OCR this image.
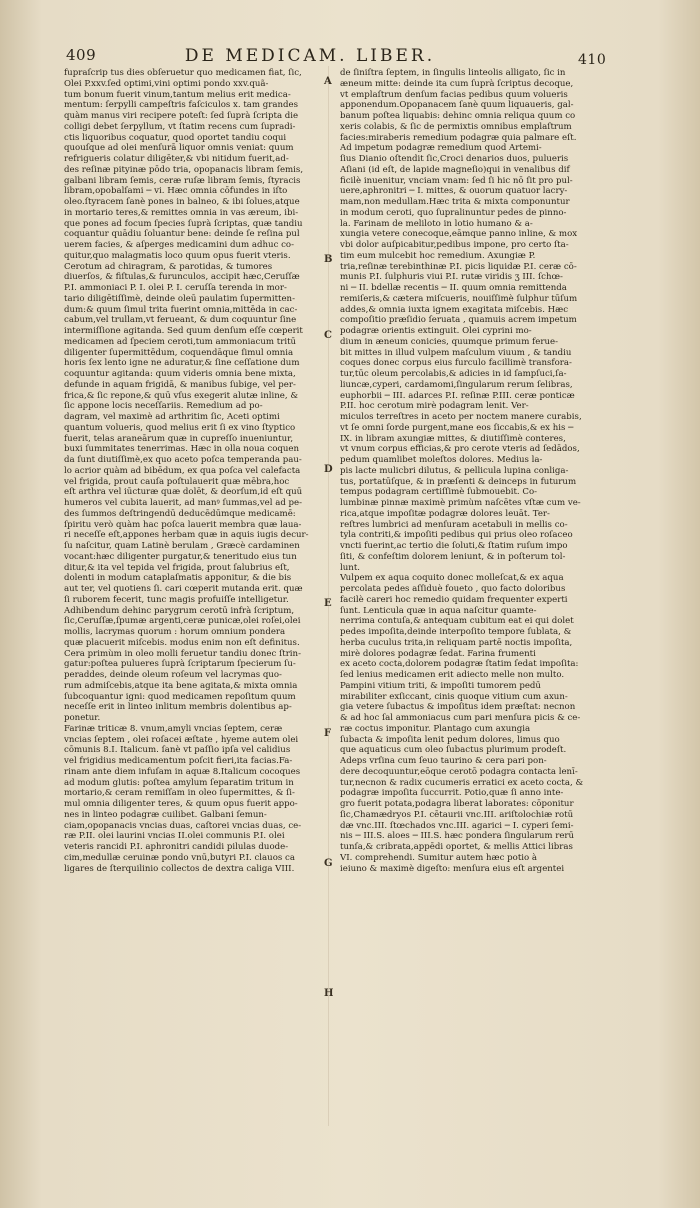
409	DE MEDICAM. LIBER.	410
fupraſcrip tus dies obſeruetur quo medicamen fiat, ſic,
Olei P.xxv.ſed optimi,vini optimi pondo xxv.quã-
tum bonum fuerit vinum,tantum melius erit medica-
mentum: ſerpylli campeſtris faſciculos x. tam grandes
quàm manus viri recipere poteſt: ſed ſuprà ſcripta die
colligi debet ſerpyllum, vt ſtatim recens cum ſupradi-
ctis liquoribus coquatur, quod oportet tandiu coqui
quouſque ad olei menſurā liquor omnis veniat: quum
refrigueris colatur diligēter,& vbi nitidum fuerit,ad-
des reſinæ pityinæ pōdo tria, opopanacis libram ſemis,
galbani libram ſemis, ceræ ruſæ libram ſemis, ſtyracis
libram,opobalſami ─ vi. Hæc omnia cōfundes in iſto
oleo.ſtyracem ſanè pones in balneo, & ibi ſolues,atque
in mortario teres,& remittes omnia in vas æreum, ibi-
que pones ad focum ſpecies ſuprà ſcriptas, quæ tandiu
coquantur quādiu ſoluantur bene: deinde ſe reſina pul
uerem facies, & aſperges medicamini dum adhuc co-
quitur,quo malagmatis loco quum opus fuerit vteris.
Cerotum ad chiragram, & parotidas, & tumores
diuerſos, & fiſtulas,& furunculos, accipit hæc,Ceruſſæ
P.I. ammoniaci P. I. olei P. I. ceruſſa terenda in mor-
tario diligētiſſimè, deinde oleū paulatim ſupermitten-
dum:& quum ſimul trita fuerint omnia,mittēda in cac-
cabum,vel trullam,vt ferueant, & dum coquuntur ſine
intermiſſione agitanda. Sed quum denſum eſſe cœperit
medicamen ad ſpeciem ceroti,tum ammoniacum tritū
diligenter ſupermittēdum, coquendāque ſimul omnia
horis ſex lento igne ne aduratur,& ſine ceſſatione dum
coquuntur agitanda: quum videris omnia bene mixta,
defunde in aquam frigidā, & manibus ſubige, vel per-
frica,& ſic repone,& quū vſus exegerit alutæ inline, &
ſic appone locis neceſſariis. Remedium ad po-
dagram, vel maximè ad arthritim ſic, Aceti optimi
quantum volueris, quod melius erit ſi ex vino ſtyptico
fuerit, telas araneārum quæ in cupreſſo inueniuntur,
buxi ſummitates tenerrimas. Hæc in olla noua coquen
da ſunt diutiſſimè,ex quo aceto poſca temperanda pau-
lo acrior quàm ad bibēdum, ex qua poſca vel calefacta
vel frigida, prout cauſa poſtulauerit quæ mēbra,hoc
eſt arthra vel iūcturæ quæ dolēt, & deorſum,id eſt quū
humeros vel cubita lauerit, ad manꝰ ſummas,vel ad pe-
des ſummos deſtringendū deducēdūmque medicamē:
ſpiritu verò quàm hac poſca lauerit membra quæ laua-
ri neceſſe eſt,appones herbam quæ in aquis iugis decur-
ſu naſcitur, quam Latinè berulam , Græcè cardaminen
vocant:hæc diligenter purgatur,& teneritudo eius tun
ditur,& ita vel tepida vel frigida, prout ſalubrius eſt,
dolenti in modum cataplaſmatis apponitur, & die bis
aut ter, vel quotiens ſi. cari cœperit mutanda erit. quæ
ſi ruborem fecerit, tunc magis profuiſſe intelligetur.
Adhibendum dehinc parygrum cerotū infrà ſcriptum,
ſic,Ceruſſæ,ſpumæ argenti,ceræ punicæ,olei roſei,olei
mollis, lacrymas quorum : horum omnium pondera
quæ placuerit miſcebis. modus enim non eſt definitus.
Cera primùm in oleo molli feruetur tandiu donec ſtrin-
gatur:poſtea pulueres ſuprà ſcriptarum ſpecierum ſu-
peraddes, deinde oleum roſeum vel lacrymas quo-
rum admiſcebis,atque ita bene agitata,& mixta omnia
ſubcoquantur igni: quod medicamen repoſitum quum
neceſſe erit in linteo inlitum membris dolentibus ap-
ponetur.
Farinæ triticæ 8. vnum,amyli vncias ſeptem, ceræ
vncias ſeptem , olei roſacei æſtate , hyeme autem olei
cōmunis 8.I. Italicum. ſanè vt paſſio ipſa vel calidius
vel frigidius medicamentum poſcit fieri,ita facias.Fa-
rinam ante diem infuſam in aquæ 8.Italicum cocoques
ad modum glutis: poſtea amylum ſeparatim tritum in
mortario,& ceram remiſſam in oleo ſupermittes, & ſi-
mul omnia diligenter teres, & quum opus fuerit appo-
nes in linteo podagræ cuilibet. Galbani ſemun-
ciam,opopanacis vncias duas, caſtorei vncias duas, ce-
ræ P.II. olei laurini vncias II.olei communis P.I. olei
veteris rancidi P.I. aphronitri candidi pilulas duode-
cim,medullæ ceruinæ pondo vnū,butyri P.I. clauos ca
ligares de ſterquilinio collectos de dextra caliga VIII.
A
B
C
D
E
F
G
H
de ſiniſtra ſeptem, in ſingulis linteolis alligato, ſic in
æneum mitte: deinde ita cum ſuprà ſcriptus decoque,
vt emplaſtrum denſum facias pedibus quum volueris
apponendum.Opopanacem ſanè quum liquaueris, gal-
banum poſtea liquabis: dehinc omnia reliqua quum co
xeris colabis, & ſic de permixtis omnibus emplaſtrum
facies:miraberis remedium podagræ quia palmare eſt.
Ad impetum podagræ remedium quod Artemi-
ſius Dianio oſtendit ſic,Croci denarios duos, pulueris
Aſiani (id eſt, de lapide magneſio)qui in venalibus dif
ficilè inuenitur, vnciam vnam: ſed ſi hic nō ſit pro pul-
uere,aphronitri ─ I. mittes, & ouorum quatuor lacry-
mam,non medullam.Hæc trita & mixta componuntur
in modum ceroti, quo ſupralinuntur pedes de pinno-
la. Farinam de meliloto in lotio humano & a-
xungia vetere conecoque,eāmque panno inline, & mox
vbi dolor auſpicabitur,pedibus impone, pro certo ſta-
tim eum mulcebit hoc remedium. Axungiæ P.
tria,reſinæ terebinthinæ P.I. picis liquidæ P.I. ceræ cō-
munis P.I. ſulphuris viui P.I. rutæ viridis ʒ III. ſchœ-
ni ─ II. bdellæ recentis ─ II. quum omnia remittenda
remiſeris,& cætera miſcueris, nouiſſimè ſulphur tūſum
addes,& omnia iuxta ignem exagitata miſcebis. Hæc
compoſitio præſidio ſeruata , quamuis acrem impetum
podagræ orientis extinguit. Olei cyprini mo-
dium in æneum conicies, quumque primum ferue-
bit mittes in illud vulpem maſculum viuum , & tandiu
coques donec corpus eius furculo facillimè transfora-
tur,tūc oleum percolabis,& adicies in id ſampſuci,ſa-
liuncæ,cyperi, cardamomi,ſingularum rerum ſelibras,
euphorbii ─ III. adarces P.I. reſinæ P.III. ceræ ponticæ
P.II. hoc cerotum mirè podagram lenit. Ver-
miculos terreſtres in aceto per noctem manere curabis,
vt ſe omni ſorde purgent,mane eos ſiccabis,& ex his ─
IX. in libram axungiæ mittes, & diutiſſimè conteres,
vt vnum corpus efficias,& pro cerote vteris ad ſedādos,
pedum quamlibet moleſtos dolores. Medius la-
pis lacte mulicbri dilutus, & pellicula lupina conliga-
tus, portatūſque, & in præſenti & deinceps in futurum
tempus podagram certiſſimè ſubmouebit. Co-
lumbinæ pinnæ maximè primùm naſcētes vſtæ cum ve-
rica,atque impoſitæ podagræ dolores leuāt. Ter-
reſtres lumbrici ad menſuram acetabuli in mellis co-
tyla contriti,& impoſiti pedibus qui prius oleo roſaceo
vncti fuerint,ac tertio die ſoluti,& ſtatim ruſum impo
ſiti, & confeſtim dolorem leniunt, & in poſterum tol-
lunt.
Vulpem ex aqua coquito donec molleſcat,& ex aqua
percolata pedes aſſiduè foueto , quo facto doloribus
facilè careri hoc remedio quidam frequenter experti
ſunt. Lenticula quæ in aqua naſcitur quamte-
nerrima contuſa,& antequam cubitum eat ei qui dolet
pedes impoſita,deinde interpoſito tempore ſublata, &
herba cuculus trita,in reliquam partē noctis impoſita,
mirè dolores podagræ ſedat. Farina frumenti
ex aceto cocta,dolorem podagræ ſtatim ſedat impoſita:
ſed lenius medicamen erit adiecto melle non multo.
Pampini vitium triti, & impoſiti tumorem pedū
mirabiliter exſiccant, cinis quoque vitium cum axun-
gia vetere ſubactus & impoſitus idem præſtat: necnon
& ad hoc ſal ammoniacus cum pari menſura picis & ce-
ræ coctus imponitur. Plantago cum axungia
ſubacta & impoſita lenit pedum dolores, limus quo
que aquaticus cum oleo ſubactus plurimum prodeſt.
Adeps vrſina cum ſeuo taurino & cera pari pon-
dere decoquuntur,eōque cerotō podagra contacta lenī-
tur,necnon & radix cucumeris erratici ex aceto cocta, &
podagræ impoſita ſuccurrit. Potio,quæ ſi anno inte-
gro fuerit potata,podagra liberat laborates: cōponitur
ſic,Chamædryos P.I. cētaurii vnc.III. ariſtolochiæ rotū
dæ vnc.III. ſtœchados vnc.III. agarici ─ I. cyperi ſemi-
nis ─ III.S. aloes ─ III.S. hæc pondera ſingularum rerū
tunſa,& cribrata,appēdi oportet, & mellis Attici libras
VI. comprehendi. Sumitur autem hæc potio à
ieiuno & maximè digeſto: menſura eius eſt argentei
